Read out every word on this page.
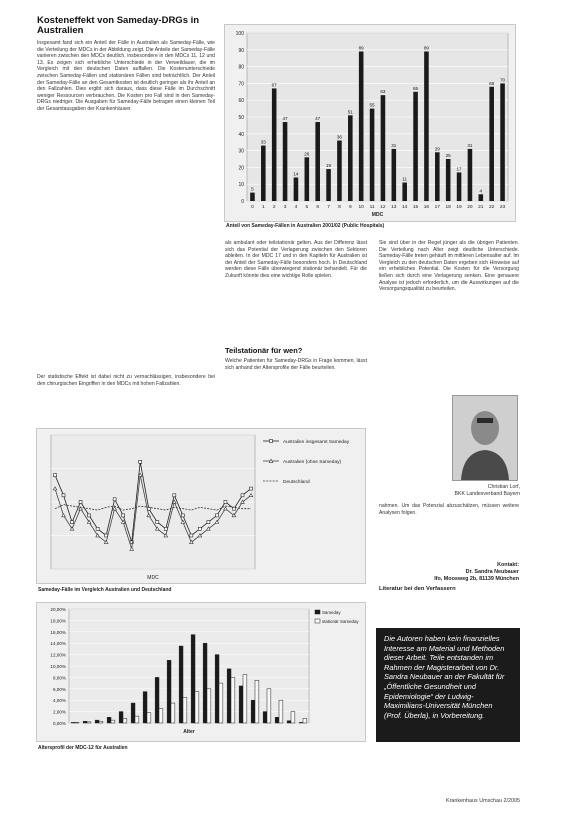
Kosteneffekt von Sameday-DRGs in Australien
Insgesamt fand sich ein Anteil der Fälle in Australien als Sameday-Fälle, wie die Verteilung der MDCs in der Abbildung zeigt. Die Anteile der Sameday-Fälle variieren zwischen den MDCs deutlich, insbesondere in den MDCs 11, 12 und 13. Es zeigen sich erhebliche Unterschiede in der Verweildauer, die im Vergleich mit den deutschen Daten auffallen. Die Kostenunterschiede zwischen Sameday-Fällen und stationären Fällen sind beträchtlich. Der Anteil der Sameday-Fälle an den Gesamtkosten ist deutlich geringer als ihr Anteil an den Fallzahlen. Dies ergibt sich daraus, dass diese Fälle im Durchschnitt weniger Ressourcen verbrauchen. Die Kosten pro Fall sind in den Sameday-DRGs niedriger. Die Ausgaben für Sameday-Fälle betragen einen kleinen Teil der Gesamtausgaben der Krankenhäuser.
Der statistische Effekt ist dabei nicht zu vernachlässigen, insbesondere bei den chirurgischen Eingriffen in den MDCs mit hohen Fallzahlen.
0
10
20
30
40
50
60
70
80
90
100
5
0
33
1
67
2
47
3
14
4
26
5
47
6
19
7
36
8
51
9
89
10
55
11
63
12
31
13
11
14
65
15
89
16
29
17
25
18
17
19
31
20
4
21
68
22
70
23
MDC
Anteil von Sameday-Fällen in Australien 2001/02 (Public Hospitals)
als ambulant oder teilstationär gelten. Aus der Differenz lässt sich das Potential der Verlagerung zwischen den Sektoren ableiten. In der MDC 17 und in den Kapiteln für Australien ist der Anteil der Sameday-Fälle besonders hoch. In Deutschland werden diese Fälle überwiegend stationär behandelt. Für die Zukunft könnte dies eine wichtige Rolle spielen.
Teilstationär für wen?
Welche Patienten für Sameday-DRGs in Frage kommen, lässt sich anhand der Altersprofile der Fälle beurteilen.
Sie sind über in der Regel jünger als die übrigen Patienten. Die Verteilung nach Alter zeigt deutliche Unterschiede. Sameday-Fälle treten gehäuft im mittleren Lebensalter auf. Im Vergleich zu den deutschen Daten ergeben sich Hinweise auf ein erhebliches Potential. Die Kosten für die Versorgung ließen sich durch eine Verlagerung senken. Eine genauere Analyse ist jedoch erforderlich, um die Auswirkungen auf die Versorgungsqualität zu beurteilen.
Christian Lorf,
BKK Landesverband Bayern
nahmen. Um das Potenzial abzuschätzen, müssen weitere Analysen folgen.
Kontakt:
Dr. Sandra Neubauer
Ifo, Moosweg 2b, 81139 München
Literatur bei den Verfassern
Die Autoren haben kein finanzielles Interesse am Material und Methoden dieser Arbeit. Teile entstanden im Rahmen der Magisterarbeit von Dr. Sandra Neubauer an der Fakultät für „Öffentliche Gesundheit und Epidemiologie“ der Ludwig-Maximilians-Universität München (Prof. Überla), in Vorbereitung.
MDC
Australien insgesamt Sameday
Australien (ohne Sameday)
Deutschland
Sameday-Fälle im Vergleich Australien und Deutschland
0,00%
2,00%
4,00%
6,00%
8,00%
10,00%
12,00%
14,00%
16,00%
18,00%
20,00%
Alter
Sameday
stationär Sameday
Altersprofil der MDC-12 für Australien
Krankenhaus Umschau 2/2005
